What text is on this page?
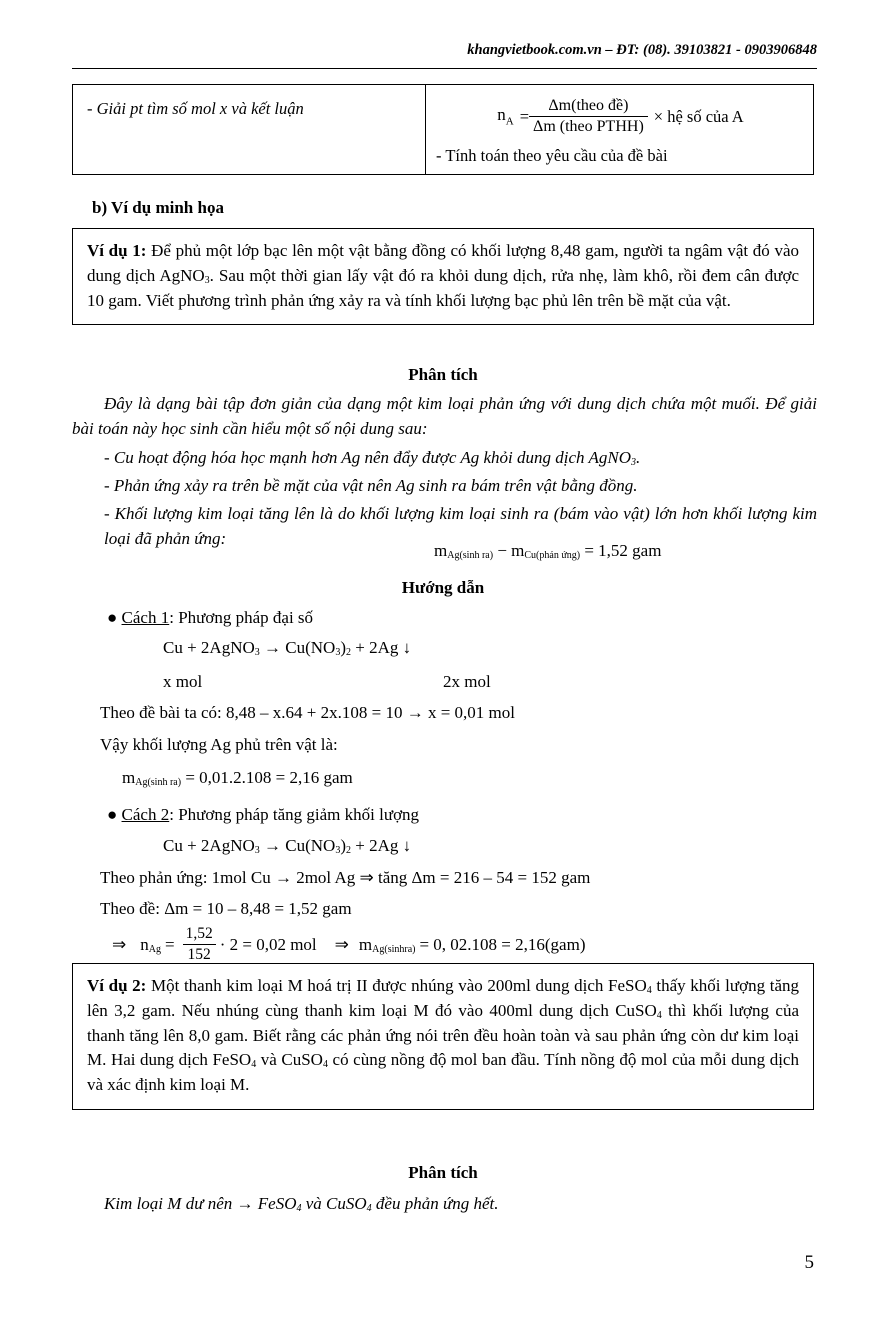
khangvietbook.com.vn – ĐT: (08). 39103821 - 0903906848
- Giải pt tìm số mol x và kết luận	$n_A = \frac{\text{Δm(theo đề)}}{\text{Δm (theo PTHH)}}$ × hệ số của A
- Tính toán theo yêu cầu của đề bài
b) Ví dụ minh họa
Ví dụ 1: Để phủ một lớp bạc lên một vật bằng đồng có khối lượng 8,48 gam, người ta ngâm vật đó vào dung dịch AgNO3. Sau một thời gian lấy vật đó ra khỏi dung dịch, rửa nhẹ, làm khô, rồi đem cân được 10 gam. Viết phương trình phản ứng xảy ra và tính khối lượng bạc phủ lên trên bề mặt của vật.
Phân tích
Đây là dạng bài tập đơn giản của dạng một kim loại phản ứng với dung dịch chứa một muối. Để giải bài toán này học sinh cần hiểu một số nội dung sau:
- Cu hoạt động hóa học mạnh hơn Ag nên đẩy được Ag khỏi dung dịch AgNO3.
- Phản ứng xảy ra trên bề mặt của vật nên Ag sinh ra bám trên vật bằng đồng.
- Khối lượng kim loại tăng lên là do khối lượng kim loại sinh ra (bám vào vật) lớn hơn khối lượng kim loại đã phản ứng:
mAg(sinh ra) − mCu(phản ứng) = 1,52 gam
Hướng dẫn
● Cách 1: Phương pháp đại số
Cu + 2AgNO3 → Cu(NO3)2 + 2Ag ↓
x mol	2x mol
Theo đề bài ta có: 8,48 – x.64 + 2x.108 = 10 → x = 0,01 mol
Vậy khối lượng Ag phủ trên vật là:
mAg(sinh ra) = 0,01.2.108 = 2,16 gam
● Cách 2: Phương pháp tăng giảm khối lượng
Cu + 2AgNO3 → Cu(NO3)2 + 2Ag ↓
Theo phản ứng: 1mol Cu → 2mol Ag ⇒ tăng Δm = 216 – 54 = 152 gam
Theo đề: Δm = 10 – 8,48 = 1,52 gam
⇒ nAg = $\frac{1,52}{152} \cdot 2 = 0,02$ mol	⇒ mAg(sinhra) = 0, 02.108 = 2,16(gam)
Ví dụ 2: Một thanh kim loại M hoá trị II được nhúng vào 200ml dung dịch FeSO4 thấy khối lượng tăng lên 3,2 gam. Nếu nhúng cùng thanh kim loại M đó vào 400ml dung dịch CuSO4 thì khối lượng của thanh tăng lên 8,0 gam. Biết rằng các phản ứng nói trên đều hoàn toàn và sau phản ứng còn dư kim loại M. Hai dung dịch FeSO4 và CuSO4 có cùng nồng độ mol ban đầu. Tính nồng độ mol của mỗi dung dịch và xác định kim loại M.
Phân tích
Kim loại M dư nên → FeSO4 và CuSO4 đều phản ứng hết.
5
